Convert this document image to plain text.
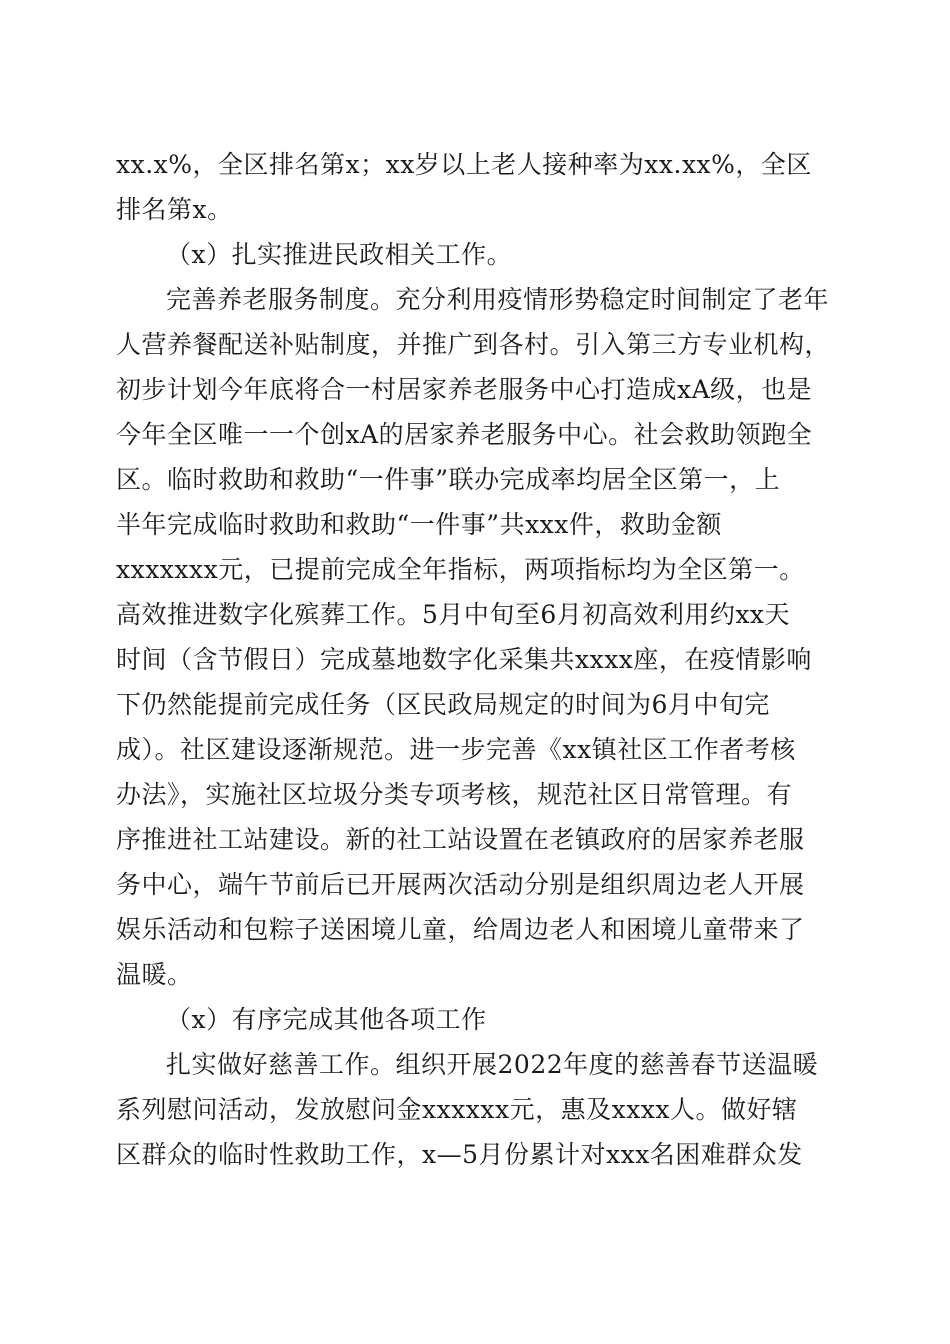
xx.x%，全区排名第x；xx岁以上老人接种率为xx.xx%，全区
排名第x。
（x）扎实推进民政相关工作。
完善养老服务制度。充分利用疫情形势稳定时间制定了老年
人营养餐配送补贴制度，并推广到各村。引入第三方专业机构，
初步计划今年底将合一村居家养老服务中心打造成xA级，也是
今年全区唯一一个创xA的居家养老服务中心。社会救助领跑全
区。临时救助和救助“一件事”联办完成率均居全区第一，上
半年完成临时救助和救助“一件事”共xxx件，救助金额
xxxxxxx元，已提前完成全年指标，两项指标均为全区第一。
高效推进数字化殡葬工作。5月中旬至6月初高效利用约xx天
时间（含节假日）完成墓地数字化采集共xxxx座，在疫情影响
下仍然能提前完成任务（区民政局规定的时间为6月中旬完
成）。社区建设逐渐规范。进一步完善《xx镇社区工作者考核
办法》，实施社区垃圾分类专项考核，规范社区日常管理。有
序推进社工站建设。新的社工站设置在老镇政府的居家养老服
务中心，端午节前后已开展两次活动分别是组织周边老人开展
娱乐活动和包粽子送困境儿童，给周边老人和困境儿童带来了
温暖。
（x）有序完成其他各项工作
扎实做好慈善工作。组织开展2022年度的慈善春节送温暖
系列慰问活动，发放慰问金xxxxxx元，惠及xxxx人。做好辖
区群众的临时性救助工作，x—5月份累计对xxx名困难群众发
